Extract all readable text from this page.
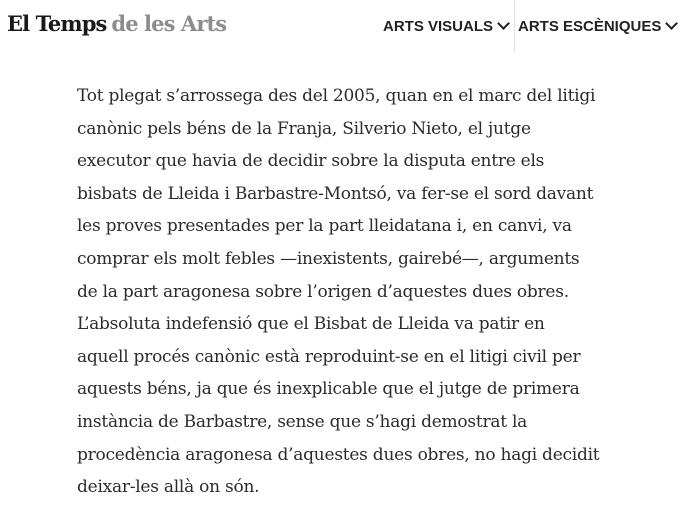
El Temps de les Arts	ARTS VISUALS ARTS ESCÈNIQUES
Tot plegat s’arrossega des del 2005, quan en el marc del litigi
canònic pels béns de la Franja, Silverio Nieto, el jutge
executor que havia de decidir sobre la disputa entre els
bisbats de Lleida i Barbastre-Montsó, va fer-se el sord davant
les proves presentades per la part lleidatana i, en canvi, va
comprar els molt febles —inexistents, gairebé—, arguments
de la part aragonesa sobre l’origen d’aquestes dues obres.
L’absoluta indefensió que el Bisbat de Lleida va patir en
aquell procés canònic està reproduint-se en el litigi civil per
aquests béns, ja que és inexplicable que el jutge de primera
instància de Barbastre, sense que s’hagi demostrat la
procedència aragonesa d’aquestes dues obres, no hagi decidit
deixar-les allà on són.
